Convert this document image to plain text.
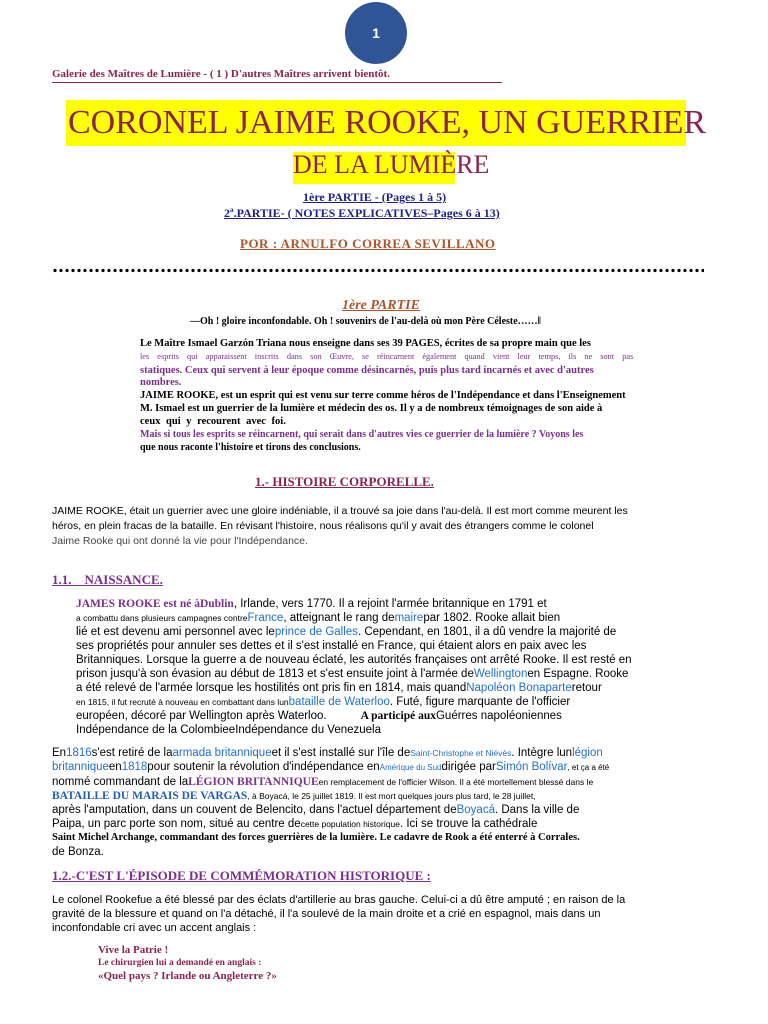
1
Galerie des Maîtres de Lumière - ( 1 ) D'autres Maîtres arrivent bientôt.
CORONEL JAIME ROOKE, UN GUERRIER
DE LA LUMIÈRE
1ère PARTIE - (Pages 1 à 5)
2ª.PARTIE- ( NOTES EXPLICATIVES–Pages 6 à 13)
POR : ARNULFO CORREA SEVILLANO
1ère PARTIE
—Oh ! gloire inconfondable. Oh ! souvenirs de l'au-delà où mon Père Céleste……‖
Le Maître Ismael Garzón Triana nous enseigne dans ses 39 PAGES, écrites de sa propre main que les
les esprits qui apparaissent inscrits dans son Œuvre, se réincarnent également quand vient leur temps, ils ne sont pas
statiques. Ceux qui servent à leur époque comme désincarnés, puis plus tard incarnés et avec d'autres
nombres.
JAIME ROOKE, est un esprit qui est venu sur terre comme héros de l'Indépendance et dans l'Enseignement
M. Ismael est un guerrier de la lumière et médecin des os. Il y a de nombreux témoignages de son aide à
ceux qui y recourent avec foi.
Mais si tous les esprits se réincarnent, qui serait dans d'autres vies ce guerrier de la lumière ? Voyons les
que nous raconte l'histoire et tirons des conclusions.
1.- HISTOIRE CORPORELLE.
JAIME ROOKE, était un guerrier avec une gloire indéniable, il a trouvé sa joie dans l'au-delà. Il est mort comme meurent les
héros, en plein fracas de la bataille. En révisant l'histoire, nous réalisons qu'il y avait des étrangers comme le colonel
Jaime Rooke qui ont donné la vie pour l'Indépendance.
1.1.    NAISSANCE.
JAMES ROOKE est né àDublin, Irlande, vers 1770. Il a rejoint l'armée britannique en 1791 et
a combattu dans plusieurs campagnes contreFrance, atteignant le rang demairepar 1802. Rooke allait bien
lié et est devenu ami personnel avec leprince de Galles. Cependant, en 1801, il a dû vendre la majorité de
ses propriétés pour annuler ses dettes et il s'est installé en France, qui étaient alors en paix avec les
Britanniques. Lorsque la guerre a de nouveau éclaté, les autorités françaises ont arrêté Rooke. Il est resté en
prison jusqu'à son évasion au début de 1813 et s'est ensuite joint à l'armée deWellingtonen Espagne. Rooke
a été relevé de l'armée lorsque les hostilités ont pris fin en 1814, mais quandNapoléon Bonaparteretour
en 1815, il fut recruté à nouveau en combattant dans lunbataille de Waterloo. Futé, figure marquante de l'officier
européen, décoré par Wellington après Waterloo.	A participé auxGuérres napoléoniennes
Indépendance de la ColombieeIndépendance du Venezuela
En1816s'est retiré de laarmada britanniqueet il s'est installé sur l'île deSaint-Christophe et Niévès. Intègre lunlégion
britanniqueen1818pour soutenir la révolution d'indépendance enAmérique du Suddirigée parSimón Bolívar, et ça a été
nommé commandant de laLÉGION BRITANNIQUEen remplacement de l'officier Wilson. Il a été mortellement blessé dans le
BATAILLE DU MARAIS DE VARGAS, à Boyacá, le 25 juillet 1819. Il est mort quelques jours plus tard, le 28 juillet,
après l'amputation, dans un couvent de Belencito, dans l'actuel département deBoyacá. Dans la ville de
Paipa, un parc porte son nom, situé au centre decette population historique. Ici se trouve la cathédrale
Saint Michel Archange, commandant des forces guerrières de la lumière. Le cadavre de Rook a été enterré à Corrales.
de Bonza.
1.2.-C'EST L'ÉPISODE DE COMMÉMORATION HISTORIQUE :
Le colonel Rookefue a été blessé par des éclats d'artillerie au bras gauche. Celui-ci a dû être amputé ; en raison de la
gravité de la blessure et quand on l'a détaché, il l'a soulevé de la main droite et a crié en espagnol, mais dans un
inconfondable cri avec un accent anglais :
Vive la Patrie !
Le chirurgien lui a demandé en anglais :
«Quel pays ? Irlande ou Angleterre ?»
